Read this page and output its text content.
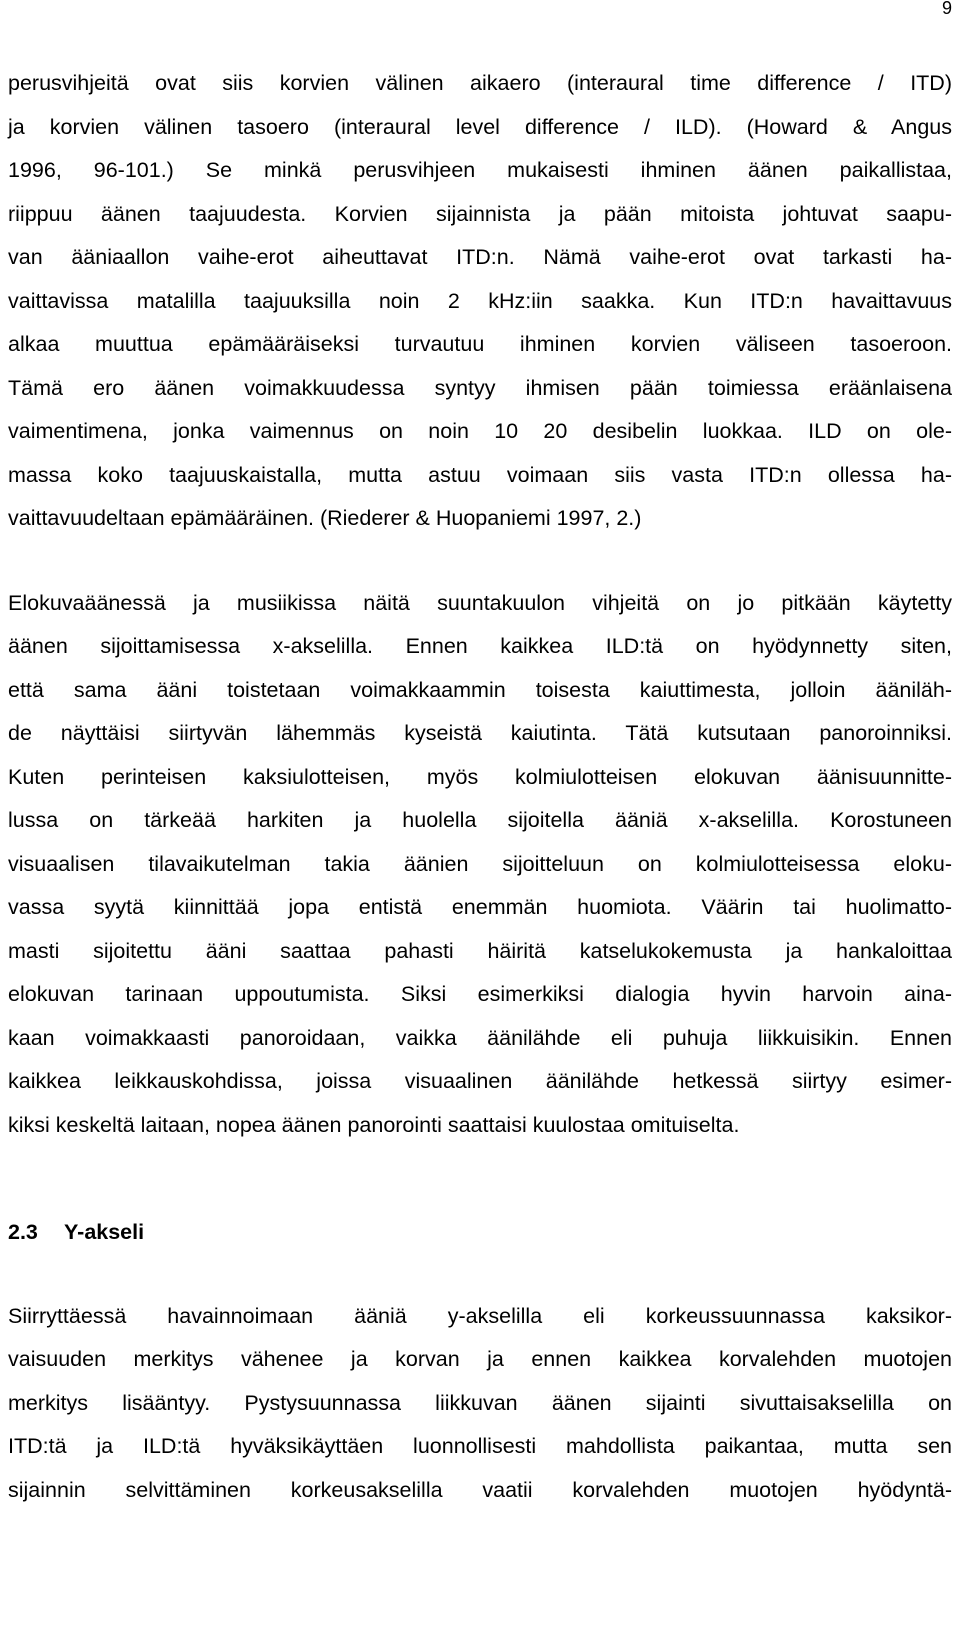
9
perusvihjeitä ovat siis korvien välinen aikaero (interaural time difference / ITD)
ja korvien välinen tasoero (interaural level difference / ILD). (Howard & Angus
1996, 96-101.) Se minkä perusvihjeen mukaisesti ihminen äänen paikallistaa,
riippuu äänen taajuudesta. Korvien sijainnista ja pään mitoista johtuvat saapu-
van ääniaallon vaihe-erot aiheuttavat ITD:n. Nämä vaihe-erot ovat tarkasti ha-
vaittavissa matalilla taajuuksilla noin 2 kHz:iin saakka. Kun ITD:n havaittavuus
alkaa muuttua epämääräiseksi turvautuu ihminen korvien väliseen tasoeroon.
Tämä ero äänen voimakkuudessa syntyy ihmisen pään toimiessa eräänlaisena
vaimentimena, jonka vaimennus on noin 10 20 desibelin luokkaa. ILD on ole-
massa koko taajuuskaistalla, mutta astuu voimaan siis vasta ITD:n ollessa ha-
vaittavuudeltaan epämääräinen. (Riederer & Huopaniemi 1997, 2.)
Elokuvaäänessä ja musiikissa näitä suuntakuulon vihjeitä on jo pitkään käytetty
äänen sijoittamisessa x-akselilla. Ennen kaikkea ILD:tä on hyödynnetty siten,
että sama ääni toistetaan voimakkaammin toisesta kaiuttimesta, jolloin ääniläh-
de näyttäisi siirtyvän lähemmäs kyseistä kaiutinta. Tätä kutsutaan panoroinniksi.
Kuten perinteisen kaksiulotteisen, myös kolmiulotteisen elokuvan äänisuunnitte-
lussa on tärkeää harkiten ja huolella sijoitella ääniä x-akselilla. Korostuneen
visuaalisen tilavaikutelman takia äänien sijoitteluun on kolmiulotteisessa eloku-
vassa syytä kiinnittää jopa entistä enemmän huomiota. Väärin tai huolimatto-
masti sijoitettu ääni saattaa pahasti häiritä katselukokemusta ja hankaloittaa
elokuvan tarinaan uppoutumista. Siksi esimerkiksi dialogia hyvin harvoin aina-
kaan voimakkaasti panoroidaan, vaikka äänilähde eli puhuja liikkuisikin. Ennen
kaikkea leikkauskohdissa, joissa visuaalinen äänilähde hetkessä siirtyy esimer-
kiksi keskeltä laitaan, nopea äänen panorointi saattaisi kuulostaa omituiselta.
2.3 Y-akseli
Siirryttäessä havainnoimaan ääniä y-akselilla eli korkeussuunnassa kaksikor-
vaisuuden merkitys vähenee ja korvan ja ennen kaikkea korvalehden muotojen
merkitys lisääntyy. Pystysuunnassa liikkuvan äänen sijainti sivuttaisakselilla on
ITD:tä ja ILD:tä hyväksikäyttäen luonnollisesti mahdollista paikantaa, mutta sen
sijainnin selvittäminen korkeusakselilla vaatii korvalehden muotojen hyödyntä-
